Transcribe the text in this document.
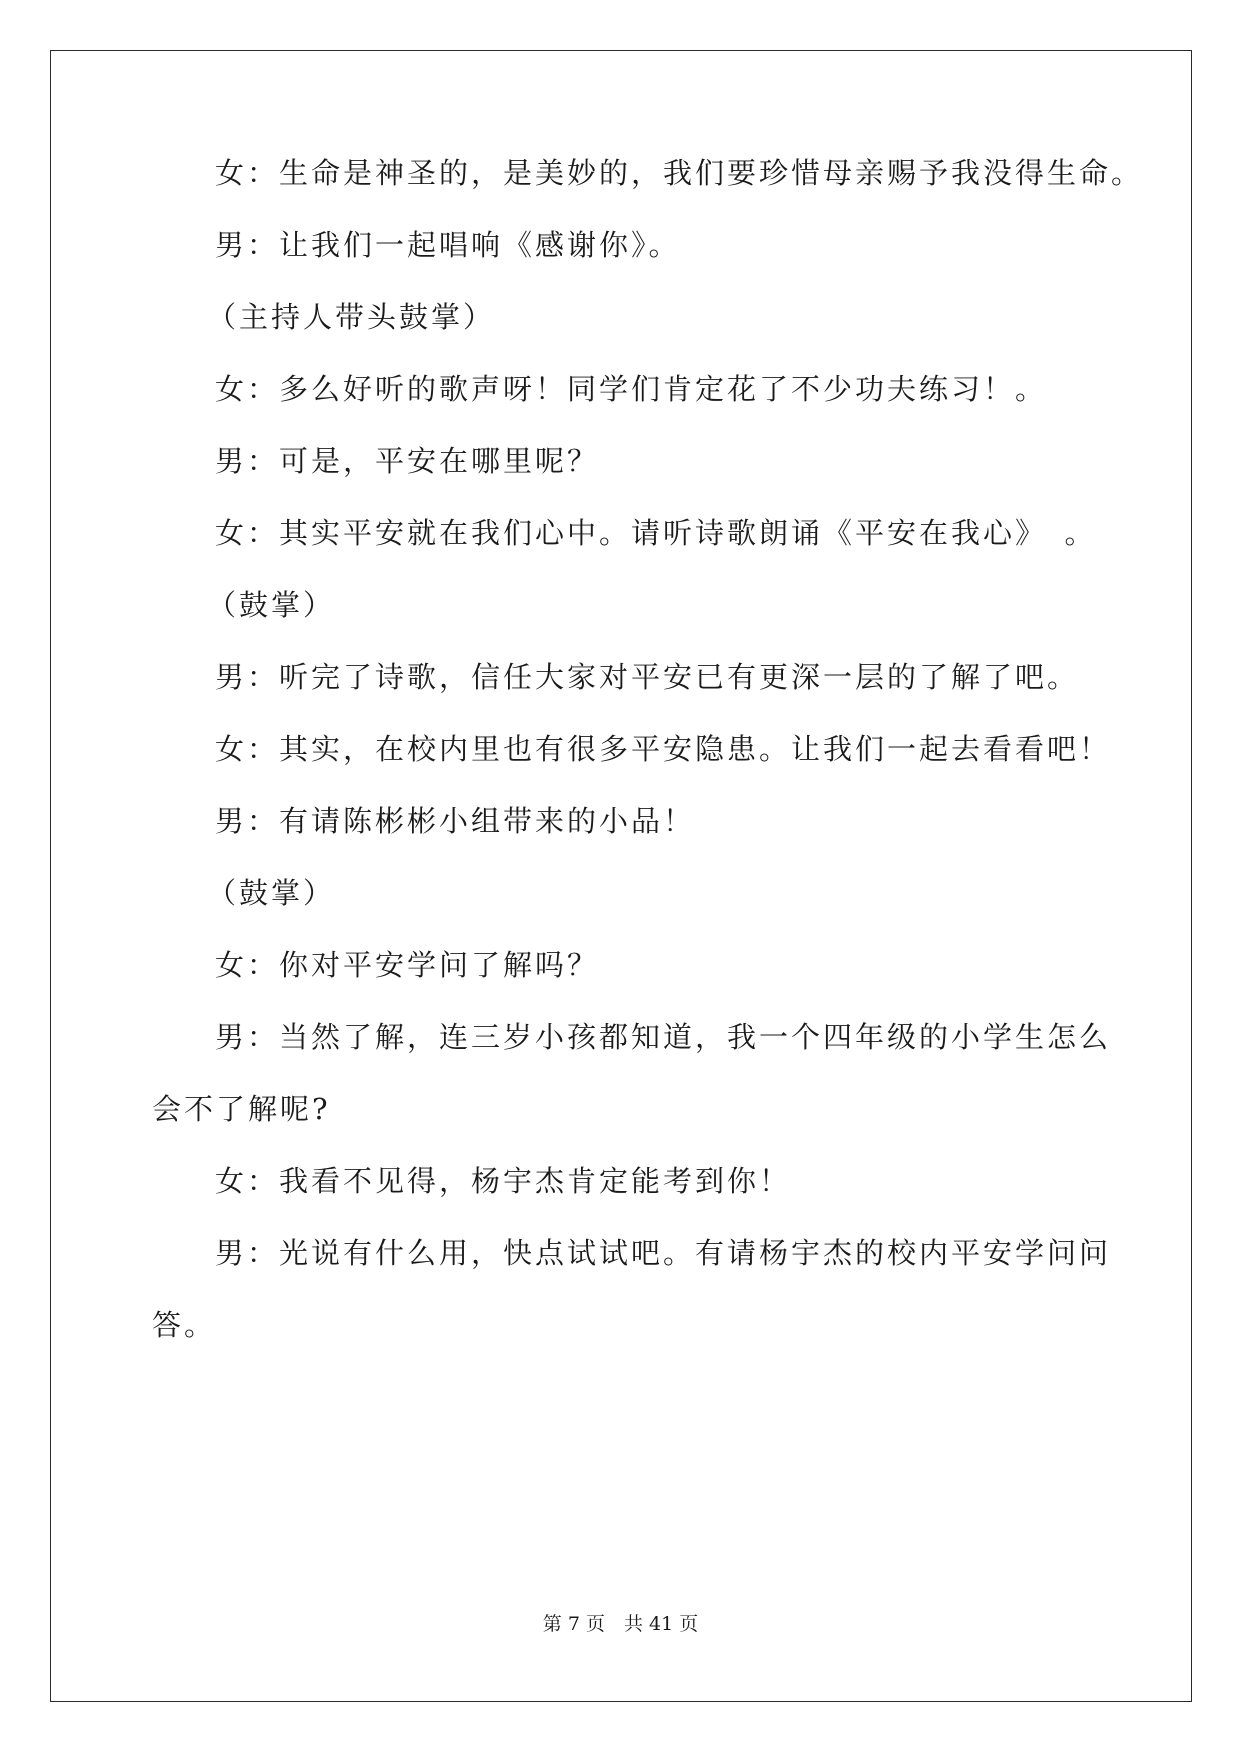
女：生命是神圣的，是美妙的，我们要珍惜母亲赐予我没得生命。
男：让我们一起唱响《感谢你》。
（主持人带头鼓掌）
女：多么好听的歌声呀！同学们肯定花了不少功夫练习！。
男：可是，平安在哪里呢？
女：其实平安就在我们心中。请听诗歌朗诵《平安在我心》　。
（鼓掌）
男：听完了诗歌，信任大家对平安已有更深一层的了解了吧。
女：其实，在校内里也有很多平安隐患。让我们一起去看看吧！
男：有请陈彬彬小组带来的小品！
（鼓掌）
女：你对平安学问了解吗？
男：当然了解，连三岁小孩都知道，我一个四年级的小学生怎么
会不了解呢?
女：我看不见得，杨宇杰肯定能考到你！
男：光说有什么用，快点试试吧。有请杨宇杰的校内平安学问问
答。
第 7 页　共 41 页
